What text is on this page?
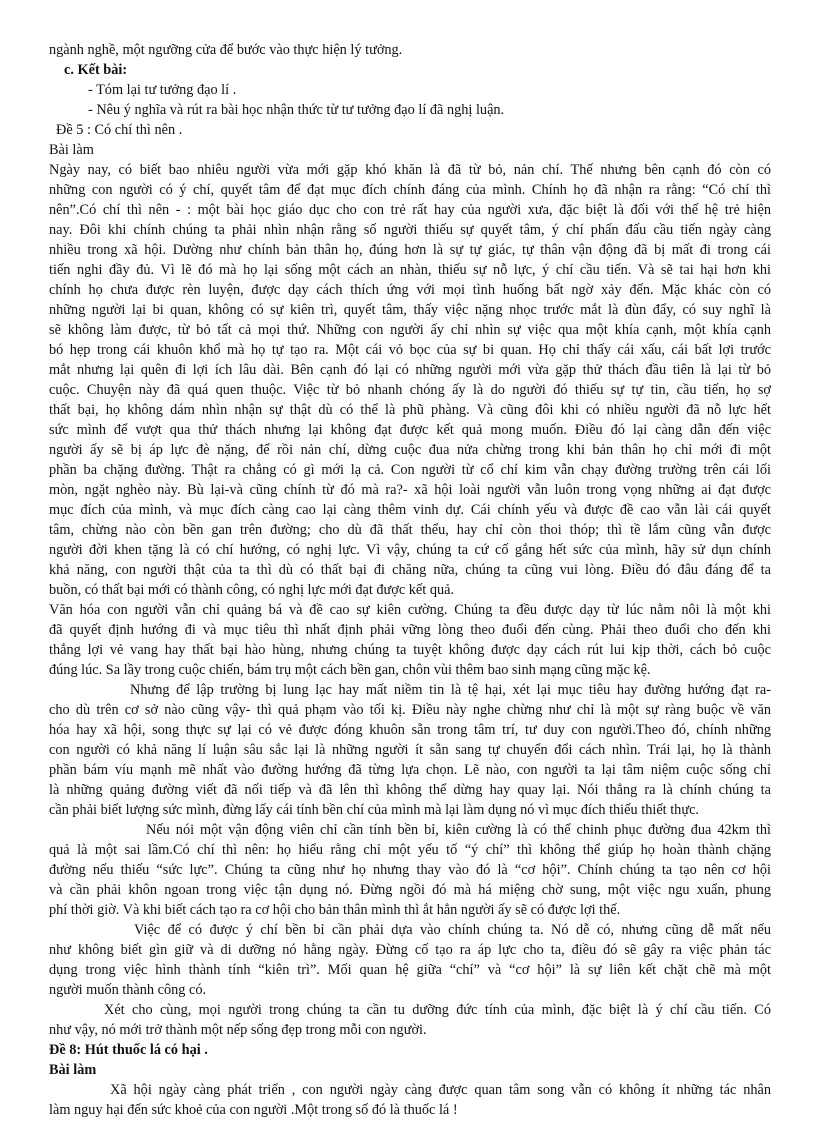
ngành nghề, một ngưỡng cửa để bước vào thực hiện lý tưởng.
c. Kết bài:
- Tóm lại tư tưởng đạo lí .
- Nêu ý nghĩa và rút ra bài học nhận thức từ tư tưởng đạo lí đã nghị luận.
Đề 5 : Có chí thì nên .
Bài làm
Ngày nay, có biết bao nhiêu người vừa mới gặp khó khăn là đã từ bỏ, nản chí. Thế nhưng bên cạnh đó còn có
những con người có ý chí, quyết tâm để đạt mục đích chính đáng của mình. Chính họ đã nhận ra rằng: “Có chí thì
nên”.Có chí thì nên - : một bài học giáo dục cho con trẻ rất hay của người xưa, đặc biệt là đối với thế hệ trẻ hiện
nay. Đôi khi chính chúng ta phải nhìn nhận rằng số người thiếu sự quyết tâm, ý chí phấn đấu cầu tiến ngày càng
nhiều trong xã hội. Dường như chính bản thân họ, đúng hơn là sự tự giác, tự thân vận động đã bị mất đi trong cái
tiến nghi đầy đủ. Vì lẽ đó mà họ lại sống một cách an nhàn, thiếu sự nỗ lực, ý chí cầu tiến. Và sẽ tai hại hơn khi
chính họ chưa được rèn luyện, được dạy cách thích ứng với mọi tình huống bất ngờ xảy đến. Mặc khác còn có
những người lại bi quan, không có sự kiên trì, quyết tâm, thấy việc nặng nhọc trước mắt là đùn đẩy, có suy nghĩ là
sẽ không làm được, từ bỏ tất cả mọi thứ. Những con người ấy chỉ nhìn sự việc qua một khía cạnh, một khía cạnh
bó hẹp trong cái khuôn khổ mà họ tự tạo ra. Một cái vỏ bọc của sự bi quan. Họ chỉ thấy cái xấu, cái bất lợi trước
mắt nhưng lại quên đi lợi ích lâu dài. Bên cạnh đó lại có những người mới vừa gặp thử thách đầu tiên là lại từ bỏ
cuộc. Chuyện này đã quá quen thuộc. Việc từ bỏ nhanh chóng ấy là do người đó thiếu sự tự tin, cầu tiến, họ sợ
thất bại, họ không dám nhìn nhận sự thật dù có thể là phũ phàng. Và cũng đôi khi có nhiều người đã nỗ lực hết
sức mình để vượt qua thử thách nhưng lại không đạt được kết quả mong muốn. Điều đó lại càng dẫn đến việc
người ấy sẽ bị áp lực đè nặng, để rồi nản chí, dừng cuộc đua nửa chừng trong khi bản thân họ chỉ mới đi một
phần ba chặng đường. Thật ra chẳng có gì mới lạ cả. Con người từ cổ chí kim vẫn chạy đường trường trên cái lối
mòn, ngặt nghèo này. Bù lại-và cũng chính từ đó mà ra?- xã hội loài người vẫn luôn trong vọng những ai đạt được
mục đích của mình, và mục đích càng cao lại càng thêm vinh dự. Cái chính yếu và được đề cao vẫn lài cái quyết
tâm, chừng nào còn bền gan trên đường; cho dù đã thất thểu, hay chỉ còn thoi thóp; thì tề lắm cũng vẫn được
người đời khen tặng là có chí hướng, có nghị lực. Vì vậy, chúng ta cứ cố gắng hết sức của mình, hãy sử dụn chính
khả năng, con người thật của ta thì dù có thất bại đi chăng nữa, chúng ta cũng vui lòng. Điều đó đâu đáng để ta
buồn, có thất bại mới có thành công, có nghị lực mới đạt được kết quả.
Văn hóa con người vẫn chỉ quảng bá và đề cao sự kiên cường. Chúng ta đều được dạy từ lúc nằm nôi là một khi
đã quyết định hướng đi và mục tiêu thì nhất định phải vững lòng theo đuổi đến cùng. Phải theo đuổi cho đến khi
thắng lợi vẻ vang hay thất bại hào hùng, nhưng chúng ta tuyệt không được dạy cách rút lui kịp thời, cách bỏ cuộc
đúng lúc. Sa lầy trong cuộc chiến, bám trụ một cách bền gan, chôn vùi thêm bao sinh mạng cũng mặc kệ.
Nhưng để lập trường bị lung lạc hay mất niềm tin là tệ hại, xét lại mục tiêu hay đường hướng đạt ra-
cho dù trên cơ sở nào cũng vậy- thì quả phạm vào tối kị. Điều này nghe chừng như chỉ là một sự ràng buộc về văn
hóa hay xã hội, song thực sự lại có vẻ được đóng khuôn sẵn trong tâm trí, tư duy con người.Theo đó, chính những
con người có khả năng lí luận sâu sắc lại là những người ít sẵn sang tự chuyển đổi cách nhìn. Trái lại, họ là thành
phần bám víu mạnh mẽ nhất vào đường hướng đã từng lựa chọn. Lẽ nào, con người ta lại tâm niệm cuộc sống chỉ
là những quảng đường viết đã nối tiếp và đã lên thì không thể dừng hay quay lại. Nói thẳng ra là chính chúng ta
cần phải biết lượng sức mình, đừng lấy cái tính bền chí của mình mà lại làm dụng nó vì mục đích thiếu thiết thực.
Nếu nói một vận động viên chỉ cần tính bền bỉ, kiên cường là có thể chinh phục đường đua 42km thì
quả là một sai lầm.Có chí thì nên: họ hiểu rằng chỉ một yếu tố “ý chí” thì không thể giúp họ hoàn thành chặng
đường nếu thiếu “sức lực”. Chúng ta cũng như họ nhưng thay vào đó là “cơ hội”. Chính chúng ta tạo nên cơ hội
và cần phải khôn ngoan trong việc tận dụng nó. Đừng ngồi đó mà há miệng chờ sung, một việc ngu xuẩn, phung
phí thời giờ. Và khi biết cách tạo ra cơ hội cho bản thân mình thì ắt hẳn người ấy sẽ có được lợi thế.
Việc để có được ý chí bền bỉ cần phải dựa vào chính chúng ta. Nó dễ có, nhưng cũng dễ mất nếu
như không biết gìn giữ và di dưỡng nó hằng ngày. Đừng cố tạo ra áp lực cho ta, điều đó sẽ gây ra việc phản tác
dụng trong việc hình thành tính “kiên trì”. Mối quan hệ giữa “chí” và “cơ hội” là sự liên kết chặt chẽ mà một
người muốn thành công có.
Xét cho cùng, mọi người trong chúng ta cần tu dưỡng đức tính của mình, đặc biệt là ý chí cầu tiến. Có
như vậy, nó mới trở thành một nếp sống đẹp trong mỗi con người.
Đề 8: Hút thuốc lá có hại .
Bài làm
Xã hội ngày càng phát triển , con người ngày càng được quan tâm song vẫn có không ít những tác nhân
làm nguy hại đến sức khoẻ của con người .Một trong số đó là thuốc lá !
